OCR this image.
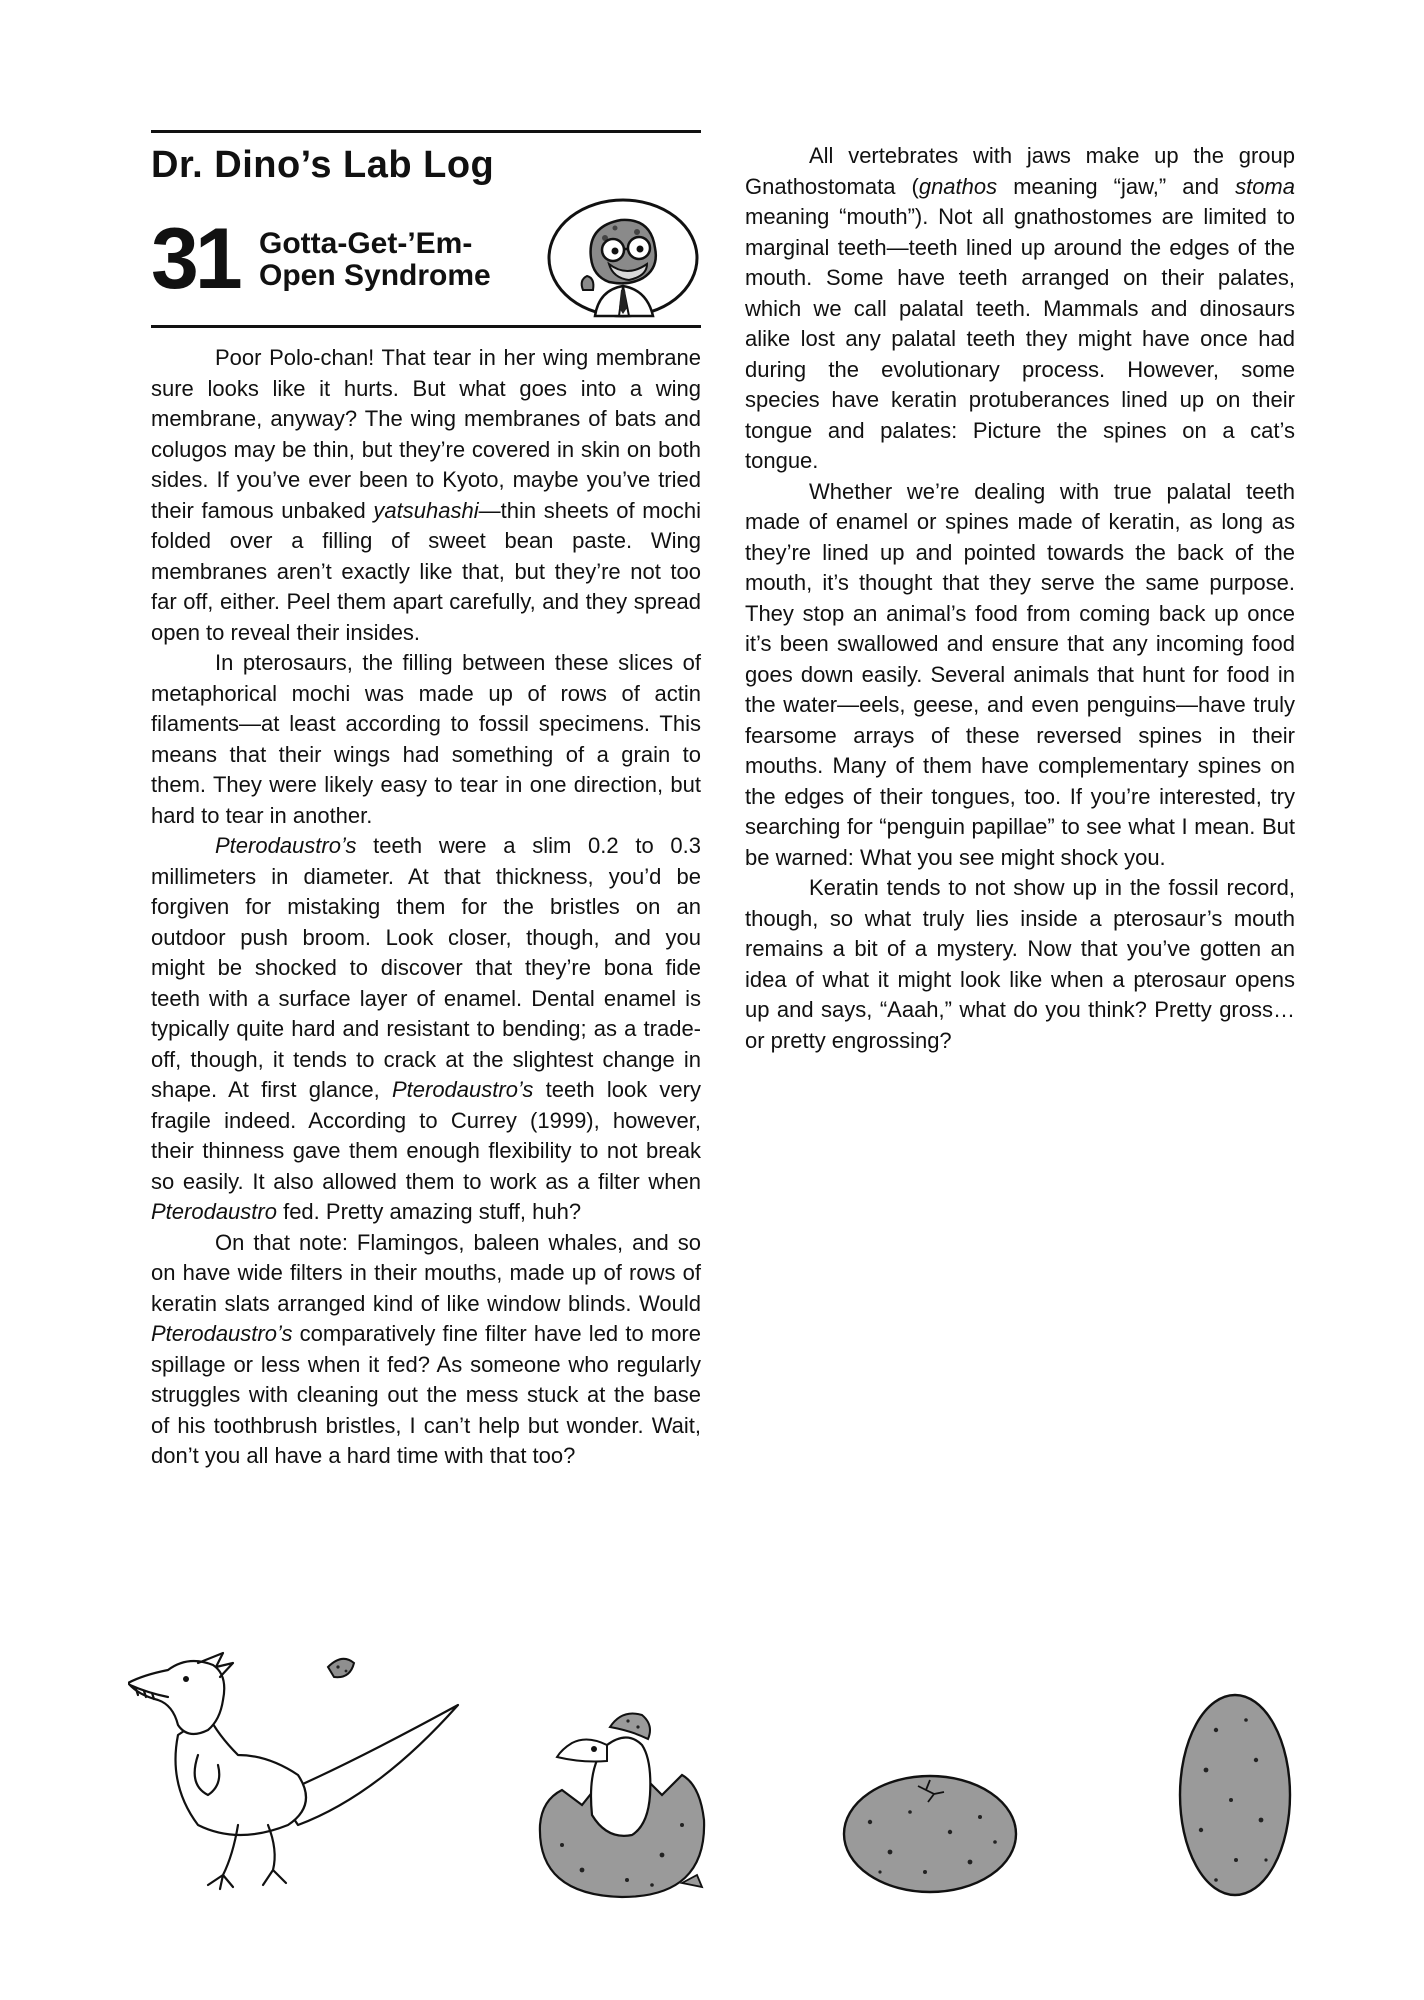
Dr. Dino’s Lab Log
31 Gotta-Get-’Em-
Open Syndrome

Poor Polo-chan! That tear in her wing membrane sure looks like it hurts. But what goes into a wing membrane, anyway? The wing membranes of bats and colugos may be thin, but they’re covered in skin on both sides. If you’ve ever been to Kyoto, maybe you’ve tried their famous unbaked yatsuhashi—thin sheets of mochi folded over a filling of sweet bean paste. Wing membranes aren’t exactly like that, but they’re not too far off, either. Peel them apart carefully, and they spread open to reveal their insides.

In pterosaurs, the filling between these slices of metaphorical mochi was made up of rows of actin filaments—at least according to fossil specimens. This means that their wings had something of a grain to them. They were likely easy to tear in one direction, but hard to tear in another.

Pterodaustro’s teeth were a slim 0.2 to 0.3 millimeters in diameter. At that thickness, you’d be forgiven for mistaking them for the bristles on an outdoor push broom. Look closer, though, and you might be shocked to discover that they’re bona fide teeth with a surface layer of enamel. Dental enamel is typically quite hard and resistant to bending; as a trade-off, though, it tends to crack at the slightest change in shape. At first glance, Pterodaustro’s teeth look very fragile indeed. According to Currey (1999), however, their thinness gave them enough flexibility to not break so easily. It also allowed them to work as a filter when Pterodaustro fed. Pretty amazing stuff, huh?

On that note: Flamingos, baleen whales, and so on have wide filters in their mouths, made up of rows of keratin slats arranged kind of like window blinds. Would Pterodaustro’s comparatively fine filter have led to more spillage or less when it fed? As someone who regularly struggles with cleaning out the mess stuck at the base of his toothbrush bristles, I can’t help but wonder. Wait, don’t you all have a hard time with that too?

All vertebrates with jaws make up the group Gnathostomata (gnathos meaning “jaw,” and stoma meaning “mouth”). Not all gnathostomes are limited to marginal teeth—teeth lined up around the edges of the mouth. Some have teeth arranged on their palates, which we call palatal teeth. Mammals and dinosaurs alike lost any palatal teeth they might have once had during the evolutionary process. However, some species have keratin protuberances lined up on their tongue and palates: Picture the spines on a cat’s tongue.

Whether we’re dealing with true palatal teeth made of enamel or spines made of keratin, as long as they’re lined up and pointed towards the back of the mouth, it’s thought that they serve the same purpose. They stop an animal’s food from coming back up once it’s been swallowed and ensure that any incoming food goes down easily. Several animals that hunt for food in the water—eels, geese, and even penguins—have truly fearsome arrays of these reversed spines in their mouths. Many of them have complementary spines on the edges of their tongues, too. If you’re interested, try searching for “penguin papillae” to see what I mean. But be warned: What you see might shock you.

Keratin tends to not show up in the fossil record, though, so what truly lies inside a pterosaur’s mouth remains a bit of a mystery. Now that you’ve gotten an idea of what it might look like when a pterosaur opens up and says, “Aaah,” what do you think? Pretty gross…or pretty engrossing?
